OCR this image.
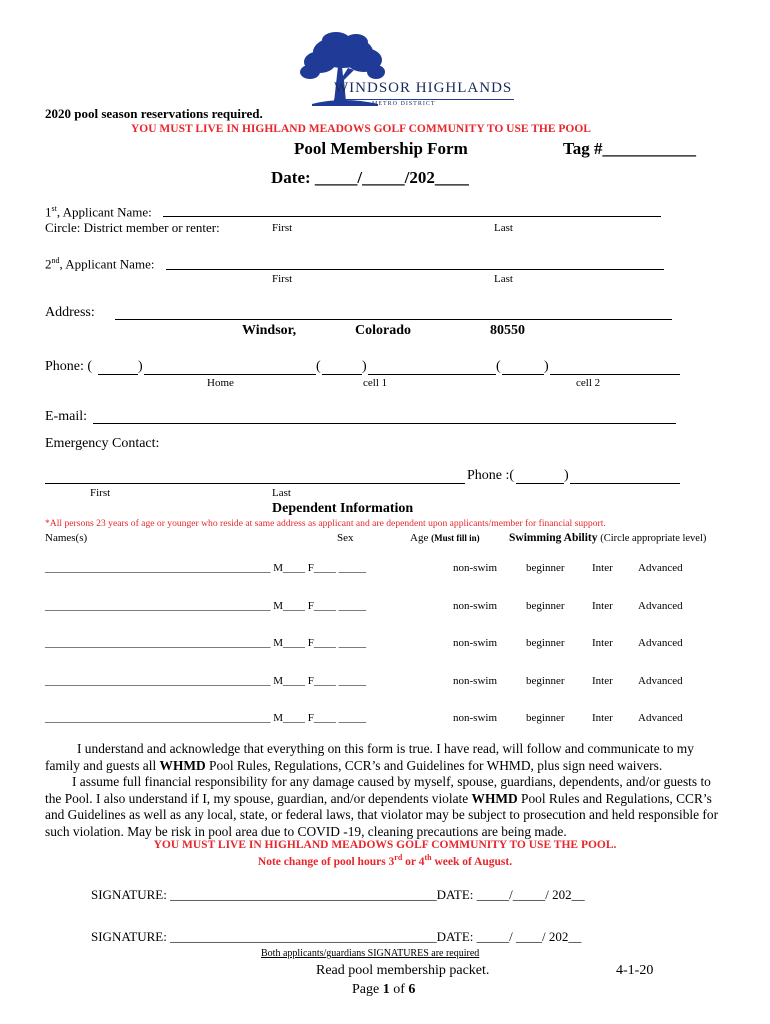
WINDSOR HIGHLANDS
METRO DISTRICT
2020 pool season reservations required.
YOU MUST LIVE IN HIGHLAND MEADOWS GOLF COMMUNITY TO USE THE POOL
Pool Membership Form	Tag #___________
Date: _____/_____/202____
1st, Applicant Name:
Circle: District member or renter:	First	Last
2nd, Applicant Name:
First	Last
Address:
Windsor,	Colorado	80550
Phone: (	)	(	)	(	)
Home	cell 1	cell 2
E-mail:
Emergency Contact:
Phone :(	)
First	Last
Dependent Information
*All persons 23 years of age or younger who reside at same address as applicant and are dependent upon applicants/member for financial support.
Names(s)	Sex	Age (Must fill in)	Swimming Ability (Circle appropriate level)
_________________________________________ M____ F____ _____	non-swim	beginner	Inter Advanced
_________________________________________ M____ F____ _____	non-swim	beginner	Inter Advanced
_________________________________________ M____ F____ _____	non-swim	beginner	Inter Advanced
_________________________________________ M____ F____ _____	non-swim	beginner	Inter Advanced
_________________________________________ M____ F____ _____	non-swim	beginner	Inter Advanced
I understand and acknowledge that everything on this form is true. I have read, will follow and communicate to my family and guests all WHMD Pool Rules, Regulations, CCR’s and Guidelines for WHMD, plus sign need waivers.
I assume full financial responsibility for any damage caused by myself, spouse, guardians, dependents, and/or guests to the Pool. I also understand if I, my spouse, guardian, and/or dependents violate WHMD Pool Rules and Regulations, CCR’s and Guidelines as well as any local, state, or federal laws, that violator may be subject to prosecution and held responsible for such violation. May be risk in pool area due to COVID -19, cleaning precautions are being made.
YOU MUST LIVE IN HIGHLAND MEADOWS GOLF COMMUNITY TO USE THE POOL.
Note change of pool hours 3rd or 4th week of August.
SIGNATURE: _________________________________________DATE: _____/_____/ 202__
SIGNATURE: _________________________________________DATE: _____/ ____/ 202__
Both applicants/guardians SIGNATURES are required
Read pool membership packet.	4-1-20
Page 1 of 6
